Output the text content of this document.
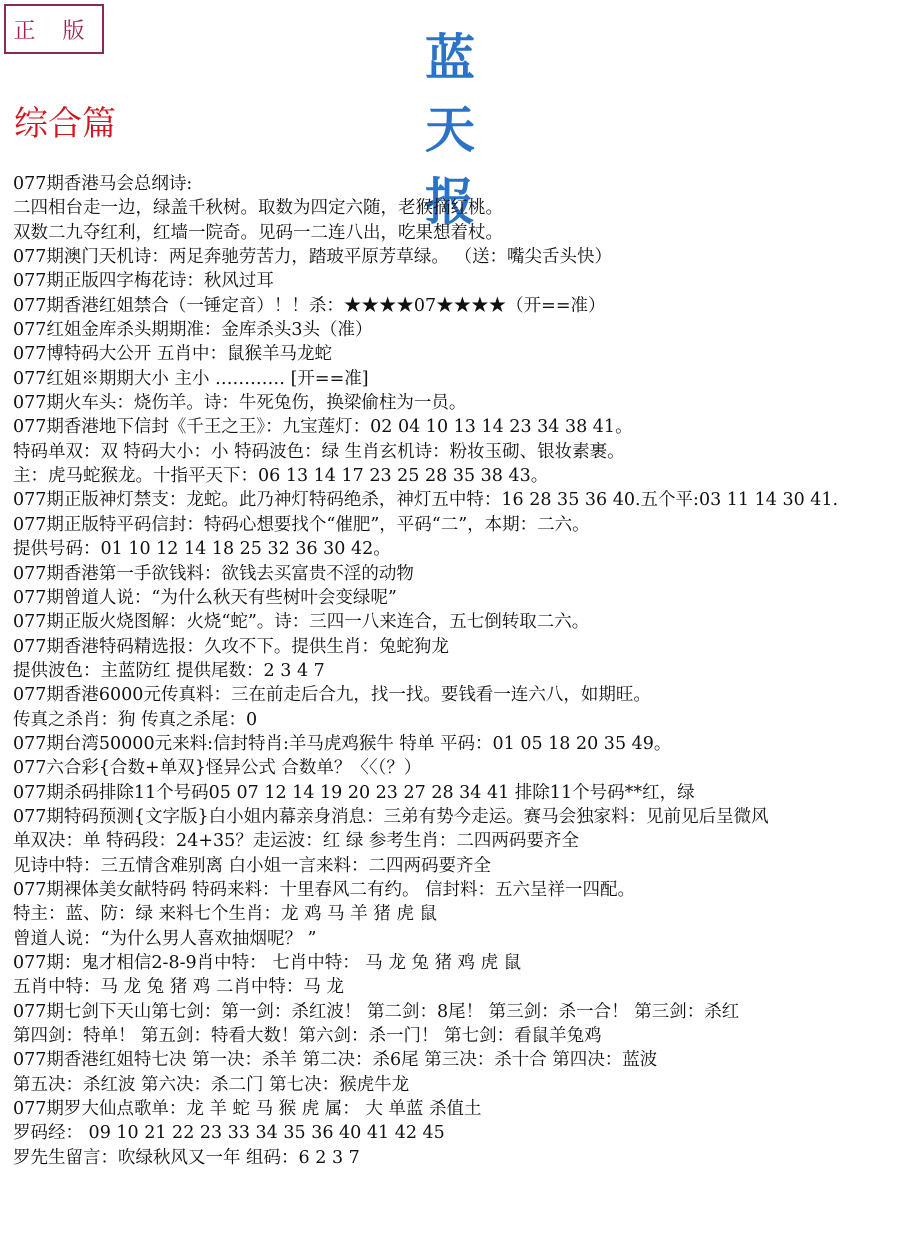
正 版	蓝 天 报
综合篇
077期香港马会总纲诗:
二四相台走一边，绿盖千秋树。取数为四定六随，老猴摘红桃。
双数二九夺红利，红墙一院奇。见码一二连八出，吃果想着杖。
077期澳门天机诗：两足奔驰劳苦力，踏玻平原芳草绿。 （送：嘴尖舌头快）
077期正版四字梅花诗：秋风过耳
077期香港红姐禁合（一锤定音）！！杀：★★★★07★★★★（开==准）
077红姐金库杀头期期准：金库杀头3头（准）
077博特码大公开 五肖中：鼠猴羊马龙蛇
077红姐※期期大小 主小 ………… [开==准]
077期火车头：烧伤羊。诗：牛死兔伤，换梁偷柱为一员。
077期香港地下信封《千王之王》：九宝莲灯：02 04 10 13 14 23 34 38 41。
特码单双：双 特码大小：小 特码波色：绿 生肖玄机诗：粉妆玉砌、银妆素裹。
主：虎马蛇猴龙。十指平天下：06 13 14 17 23 25 28 35 38 43。
077期正版神灯禁支：龙蛇。此乃神灯特码绝杀，神灯五中特：16 28 35 36 40.五个平:03 11 14 30 41.
077期正版特平码信封：特码心想要找个“催肥”，平码“二”，本期：二六。
提供号码：01 10 12 14 18 25 32 36 30 42。
077期香港第一手欲钱料：欲钱去买富贵不淫的动物
077期曾道人说：“为什么秋天有些树叶会变绿呢”
077期正版火烧图解：火烧“蛇”。诗：三四一八来连合，五七倒转取二六。
077期香港特码精选报：久攻不下。提供生肖：兔蛇狗龙
提供波色：主蓝防红 提供尾数：2 3 4 7
077期香港6000元传真料：三在前走后合九，找一找。要钱看一连六八，如期旺。
传真之杀肖：狗 传真之杀尾：0
077期台湾50000元来料:信封特肖:羊马虎鸡猴牛 特单 平码：01 05 18 20 35 49。
077六合彩{合数+单双}怪异公式 合数单？〈〈（？）
077期杀码排除11个号码05 07 12 14 19 20 23 27 28 34 41 排除11个号码**红，绿
077期特码预测{文字版}白小姐内幕亲身消息：三弟有势今走运。赛马会独家料：见前见后呈微风
单双决：单 特码段：24+35？走运波：红 绿 参考生肖：二四两码要齐全
见诗中特：三五情含难别离 白小姐一言来料：二四两码要齐全
077期裸体美女献特码 特码来料：十里春风二有约。 信封料：五六呈祥一四配。
特主：蓝、防：绿 来料七个生肖：龙 鸡 马 羊 猪 虎 鼠
曾道人说：“为什么男人喜欢抽烟呢？ ”
077期：鬼才相信2-8-9肖中特： 七肖中特： 马 龙 兔 猪 鸡 虎 鼠
五肖中特：马 龙 兔 猪 鸡 二肖中特：马 龙
077期七剑下天山第七剑：第一剑：杀红波！ 第二剑：8尾！ 第三剑：杀一合！ 第三剑：杀红
第四剑：特单！ 第五剑：特看大数！第六剑：杀一门！ 第七剑：看鼠羊兔鸡
077期香港红姐特七决 第一决：杀羊 第二决：杀6尾 第三决：杀十合 第四决：蓝波
第五决：杀红波 第六决：杀二门 第七决：猴虎牛龙
077期罗大仙点歌单：龙 羊 蛇 马 猴 虎 属： 大 单蓝 杀值土
罗码经： 09 10 21 22 23 33 34 35 36 40 41 42 45
罗先生留言：吹绿秋风又一年 组码：6 2 3 7
